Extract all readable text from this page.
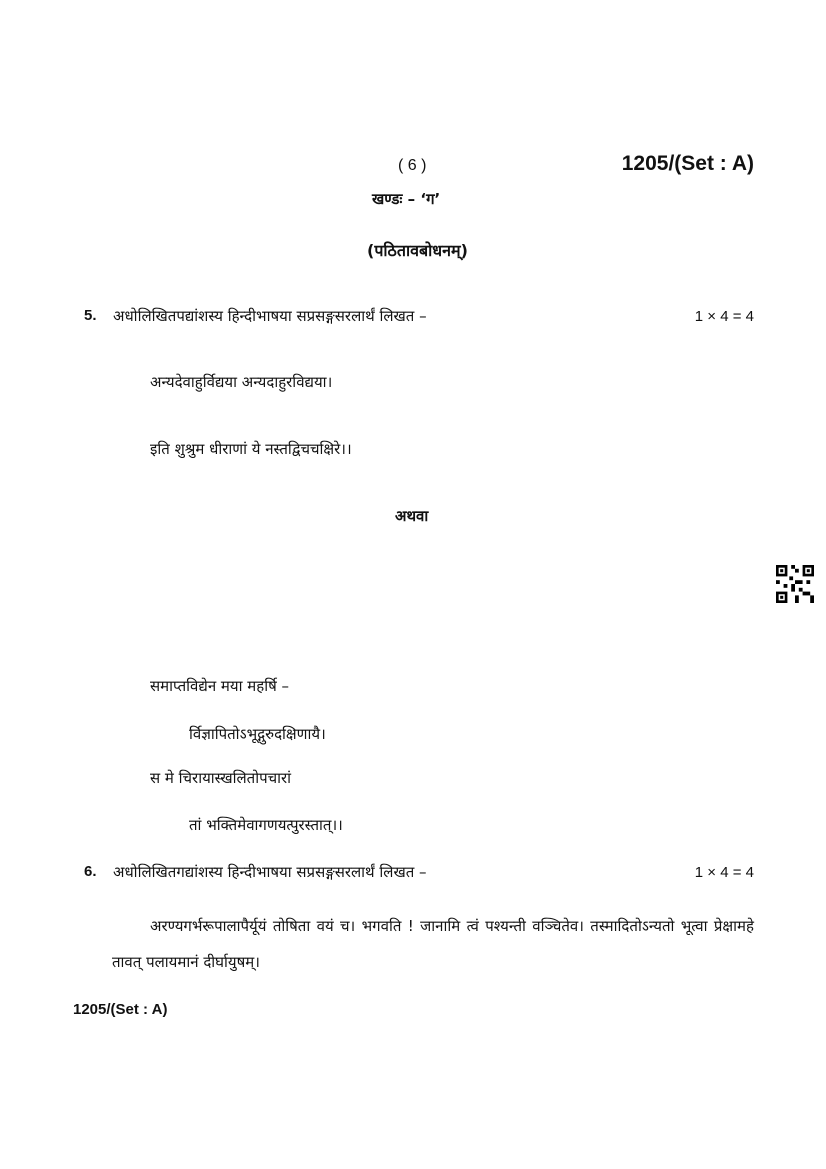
( 6 )	1205/(Set : A)
खण्डः – ‘ग’
(पठितावबोधनम्)
5. अधोलिखितपद्यांशस्य हिन्दीभाषया सप्रसङ्गसरलार्थं लिखत –	1 × 4 = 4
अन्यदेवाहुर्विद्यया अन्यदाहुरविद्यया।
इति शुश्रुम धीराणां ये नस्तद्विचचक्षिरे।।
अथवा
समाप्तविद्येन मया महर्षि –
र्विज्ञापितोऽभूद्गुरुदक्षिणायै।
स मे चिरायास्खलितोपचारां
तां भक्तिमेवागणयत्पुरस्तात्।।
6. अधोलिखितगद्यांशस्य हिन्दीभाषया सप्रसङ्गसरलार्थं लिखत –	1 × 4 = 4
अरण्यगर्भरूपालापैर्यूयं तोषिता वयं च। भगवति ! जानामि त्वं पश्यन्ती वञ्चितेव। तस्मादितोऽन्यतो भूत्वा प्रेक्षामहे तावत् पलायमानं दीर्घायुषम्।
1205/(Set : A)
